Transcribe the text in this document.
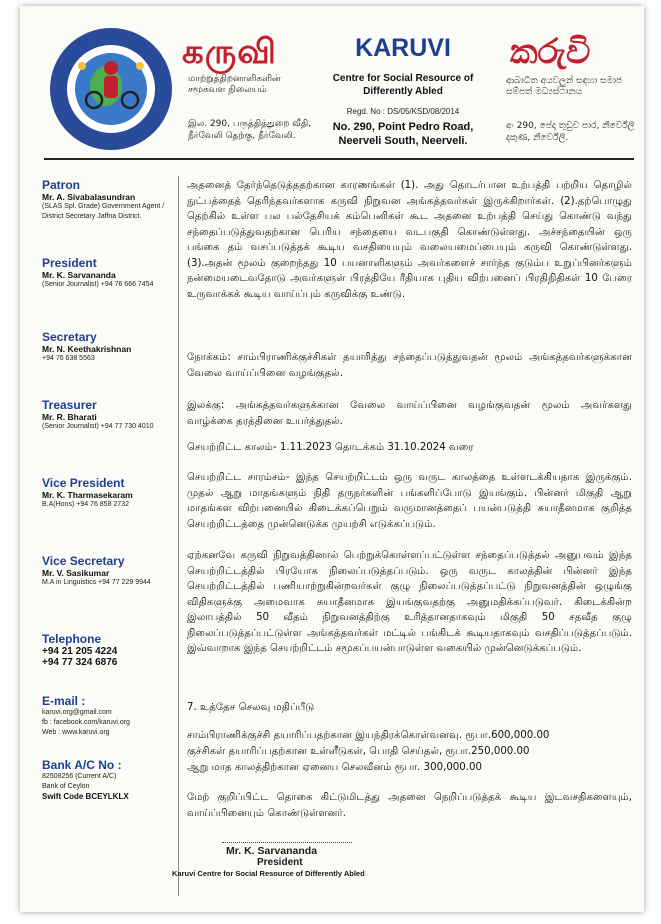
கருவி
மாற்றுத்திறனாளிகளின் சமூகவள நிலையம்
KARUVI
Centre for Social Resource of Differently Abled
Regd. No : DS/05/KSD/08/2014
කරුවි
ආබාධිත අයවලුන් සඳහා සමාජ සම්පත් මධ්‍යස්ථානය
இல. 290, பருத்தித்துறை வீதி, நீர்வேலி தெற்கு, நீர்வேலி.
No. 290, Point Pedro Road, Neerveli South, Neerveli.
අං 290, පේද්‍රු තුඩුව පාර, නීර්වේලි දකුණ, නීර්වේලි.
Patron
Mr. A. Sivabalasundran
(SLAS Spl. Grade) Government Agent / District Secretary Jaffna District.
President
Mr. K. Sarvananda
(Senior Journalist) +94 76 666 7454
Secretary
Mr. N. Keethakrishnan
+94 76 638 5563
Treasurer
Mr. R. Bharati
(Senior Journalist) +94 77 730 4010
Vice President
Mr. K. Tharmasekaram
B.A(Hons) +94 76 858 2732
Vice Secretary
Mr. V. Sasikumar
M.A in Linguistics +94 77 229 9944
Telephone
+94 21 205 4224
+94 77 324 6876
E-mail :
karuvi.org@gmail.com
fb : facebook.com/karuvi.org
Web : www.karuvi.org
Bank A/C No :
82508256 (Current A/C)
Bank of Ceylon
Swift Code BCEYLKLX

அதனைத் தேர்ந்தெடுத்ததற்கான காரணங்கள் (1). அது தொடர்பான உற்பத்தி பற்றிய தொழில் நுட்பத்தைத் தெரிந்தவர்களாக கருவி நிறுவன அங்கத்தவர்கள் இருக்கிறார்கள். (2).தற்பொழுது தெற்கில் உள்ள பல பல்தேசியக் கம்பெனிகள் கூட அதனை உற்பத்தி செய்து கொண்டு வந்து சந்தைப்படுத்துவதற்கான பெரிய சந்தையை வடபகுதி கொண்டுள்ளது. அச்சந்தையின் ஒரு பங்கை தம் வசப்படுத்தக் கூடிய வசதியையும் வலையமைப்பையும் கருவி கொண்டுள்ளது. (3).அதன் மூலம் குறைந்தது 10 பயனாளிகளும் அவர்களைச் சார்ந்த குடும்ப உறுப்பினர்களும் நன்மையடைவதோடு அவர்களுள் பிரத்தியே ரீதியாக புதிய விற்பனைப் பிரதிநிதிகள் 10 பேரை உருவாக்கக் கூடிய வாய்ப்பும் கருவிக்கு உண்டு.

நோக்கம்: சாம்பிராணிக்குச்சிகள் தயாரித்து சந்தைப்படுத்துவதன் மூலம் அங்கத்தவர்களுக்கான வேலை வாய்ப்பினை வழங்குதல்.

இலக்கு: அங்கத்தவர்களுக்கான வேலை வாய்ப்பினை வழங்குவதன் மூலம் அவர்களது வாழ்க்கை தரத்தினை உயர்த்துதல்.

செயற்றிட்ட காலம்- 1.11.2023 தொடக்கம் 31.10.2024 வரை

செயற்றிட்ட சாரம்சம்- இந்த செயற்றிட்டம் ஒரு வருட காலத்தை உள்ளடக்கியதாக இருக்கும். முதல் ஆறு மாதங்களும் நிதி தருநர்களின் பங்களிப்போடு இயங்கும். பின்னர் மிகுதி ஆறு மாதங்கள விற்பனையில் கிடைக்கப்பெறும் வருமானத்தைப் பயன்படுத்தி சுயாதீனமாக குறித்த செயற்றிட்டத்தை முன்னெடுக்க முயற்சி எடுக்கப்படும்.

ஏற்கனவே கருவி நிறுவத்தினால் பெற்றுக்கொள்ளப்பட்டுள்ள சந்தைப்படுத்தல் அனுபவம் இந்த செயற்றிட்டத்தில் பிரயோக நிலைப்படுத்தப்படும். ஒரு வருட காலத்தின் பின்னர் இந்த செயற்றிட்டத்தில் பணியாற்றுகின்றவர்கள் குழு நிலைப்படுத்தப்பட்டு நிறுவனத்தின் ஒழுங்கு விதிகளுக்கு அமைவாக சுயாதீனமாக இயங்குவதற்கு அனுமதிக்கப்படுவர். கிடைக்கின்ற இலாபத்தில் 50 வீதம் நிறுவனத்திற்கு உரித்தானதாகவும் மிகுதி 50 சதவீத குழு நிலைப்படுத்தப்பட்டுள்ள அங்கத்தவர்கள் மட்டில் பங்கிடக் கூடியதாகவும் வசதிப்படுத்தப்படும். இவ்வாறாக இந்த செயற்றிட்டம் சமூகப்பயன்பாடுள்ள வகையில் முன்னெடுக்கப்படும்.

7. உத்தேச செலவு மதிப்பீடு

சாம்பிராணிக்குச்சி தயாரிப்பதற்கான இயந்திரக்கொள்வனவு. ரூபா.600,000.00

குச்சிகள் தயாரிப்பதற்கான உள்ளீடுகள், பொதி செய்தல், ரூபா.250,000.00

ஆறு மாத காலத்திற்கான ஏனைய செலவீனம் ரூபா. 300,000.00

மேற் குறிப்பிட்ட தொகை கிட்டுமிடத்து அதனை நெறிப்படுத்தக் கூடிய இடவசதிகளையும், வாய்ப்பினையும் கொண்டுள்ளனர்.

Mr. K. Sarvananda
President
Karuvi Centre for Social Resource of Differently Abled
